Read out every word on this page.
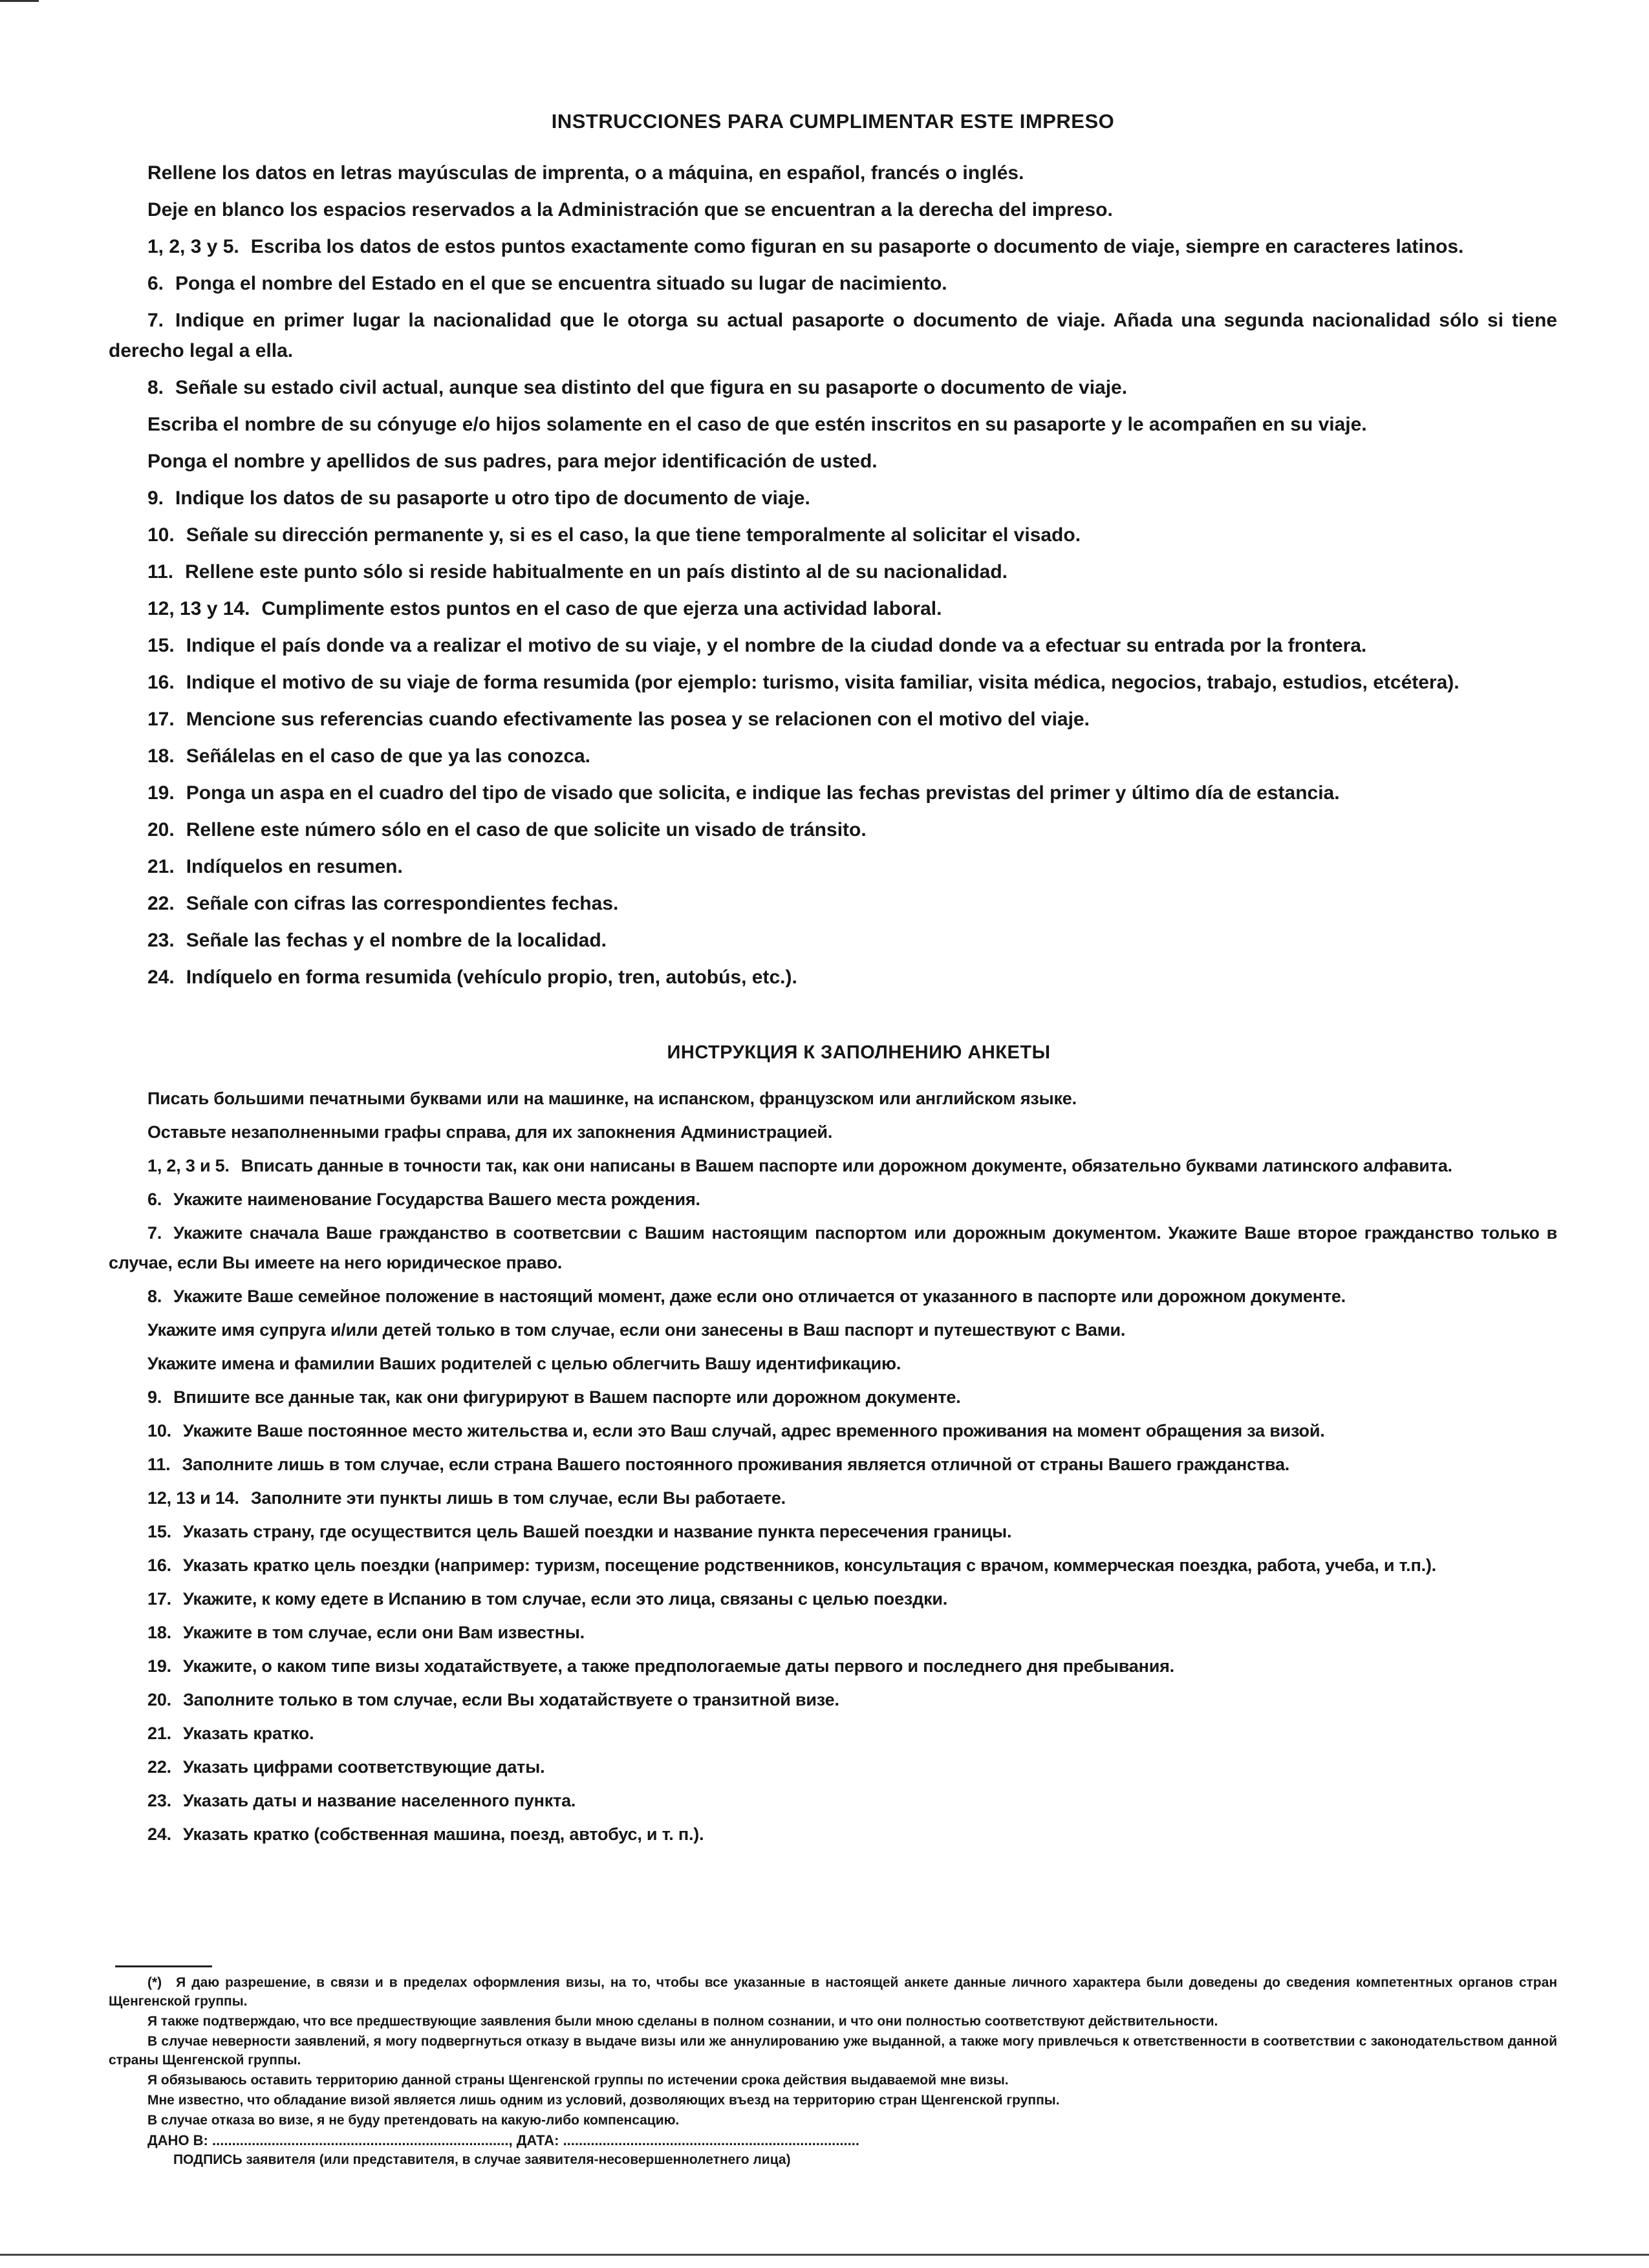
INSTRUCCIONES PARA CUMPLIMENTAR ESTE IMPRESO
Rellene los datos en letras mayúsculas de imprenta, o a máquina, en español, francés o inglés.
Deje en blanco los espacios reservados a la Administración que se encuentran a la derecha del impreso.
1, 2, 3 y 5. Escriba los datos de estos puntos exactamente como figuran en su pasaporte o documento de viaje, siempre en caracteres latinos.
6. Ponga el nombre del Estado en el que se encuentra situado su lugar de nacimiento.
7. Indique en primer lugar la nacionalidad que le otorga su actual pasaporte o documento de viaje. Añada una segunda nacionalidad sólo si tiene derecho legal a ella.
8. Señale su estado civil actual, aunque sea distinto del que figura en su pasaporte o documento de viaje.
Escriba el nombre de su cónyuge e/o hijos solamente en el caso de que estén inscritos en su pasaporte y le acompañen en su viaje.
Ponga el nombre y apellidos de sus padres, para mejor identificación de usted.
9. Indique los datos de su pasaporte u otro tipo de documento de viaje.
10. Señale su dirección permanente y, si es el caso, la que tiene temporalmente al solicitar el visado.
11. Rellene este punto sólo si reside habitualmente en un país distinto al de su nacionalidad.
12, 13 y 14. Cumplimente estos puntos en el caso de que ejerza una actividad laboral.
15. Indique el país donde va a realizar el motivo de su viaje, y el nombre de la ciudad donde va a efectuar su entrada por la frontera.
16. Indique el motivo de su viaje de forma resumida (por ejemplo: turismo, visita familiar, visita médica, negocios, trabajo, estudios, etcétera).
17. Mencione sus referencias cuando efectivamente las posea y se relacionen con el motivo del viaje.
18. Señálelas en el caso de que ya las conozca.
19. Ponga un aspa en el cuadro del tipo de visado que solicita, e indique las fechas previstas del primer y último día de estancia.
20. Rellene este número sólo en el caso de que solicite un visado de tránsito.
21. Indíquelos en resumen.
22. Señale con cifras las correspondientes fechas.
23. Señale las fechas y el nombre de la localidad.
24. Indíquelo en forma resumida (vehículo propio, tren, autobús, etc.).
ИНСТРУКЦИЯ К ЗАПОЛНЕНИЮ АНКЕТЫ
Писать большими печатными буквами или на машинке, на испанском, французском или английском языке.
Оставьте незаполненными графы справа, для их запокнения Администрацией.
1, 2, 3 и 5. Вписать данные в точности так, как они написаны в Вашем паспорте или дорожном документе, обязательно буквами латинского алфавита.
6. Укажите наименование Государства Вашего места рождения.
7. Укажите сначала Ваше гражданство в соответсвии с Вашим настоящим паспортом или дорожным документом. Укажите Ваше второе гражданство только в случае, если Вы имеете на него юридическое право.
8. Укажите Ваше семейное положение в настоящий момент, даже если оно отличается от указанного в паспорте или дорожном документе.
Укажите имя супруга и/или детей только в том случае, если они занесены в Ваш паспорт и путешествуют с Вами.
Укажите имена и фамилии Ваших родителей с целью облегчить Вашу идентификацию.
9. Впишите все данные так, как они фигурируют в Вашем паспорте или дорожном документе.
10. Укажите Ваше постоянное место жительства и, если это Ваш случай, адрес временного проживания на момент обращения за визой.
11. Заполните лишь в том случае, если страна Вашего постоянного проживания является отличной от страны Вашего гражданства.
12, 13 и 14. Заполните эти пункты лишь в том случае, если Вы работаете.
15. Указать страну, где осуществится цель Вашей поездки и название пункта пересечения границы.
16. Указать кратко цель поездки (например: туризм, посещение родственников, консультация с врачом, коммерческая поездка, работа, учеба, и т.п.).
17. Укажите, к кому едете в Испанию в том случае, если это лица, связаны с целью поездки.
18. Укажите в том случае, если они Вам известны.
19. Укажите, о каком типе визы ходатайствуете, а также предпологаемые даты первого и последнего дня пребывания.
20. Заполните только в том случае, если Вы ходатайствуете о транзитной визе.
21. Указать кратко.
22. Указать цифрами соответствующие даты.
23. Указать даты и название населенного пункта.
24. Указать кратко (собственная машина, поезд, автобус, и т. п.).
(*) Я даю разрешение, в связи и в пределах оформления визы, на то, чтобы все указанные в настоящей анкете данные личного характера были доведены до сведения компетентных органов стран Щенгенской группы.
Я также подтверждаю, что все предшествующие заявления были мною сделаны в полном сознании, и что они полностью соответствуют действительности.
В случае неверности заявлений, я могу подвергнуться отказу в выдаче визы или же аннулированию уже выданной, а также могу привлечься к ответственности в соответствии с законодательством данной страны Щенгенской группы.
Я обязываюсь оставить территорию данной страны Щенгенской группы по истечении срока действия выдаваемой мне визы.
Мне известно, что обладание визой является лишь одним из условий, дозволяющих въезд на территорию стран Щенгенской группы.
В случае отказа во визе, я не буду претендовать на какую-либо компенсацию.
ДАНО В: ..........................................................................., ДАТА: ...........................................................................
ПОДПИСЬ заявителя (или представителя, в случае заявителя-несовершеннолетнего лица)
